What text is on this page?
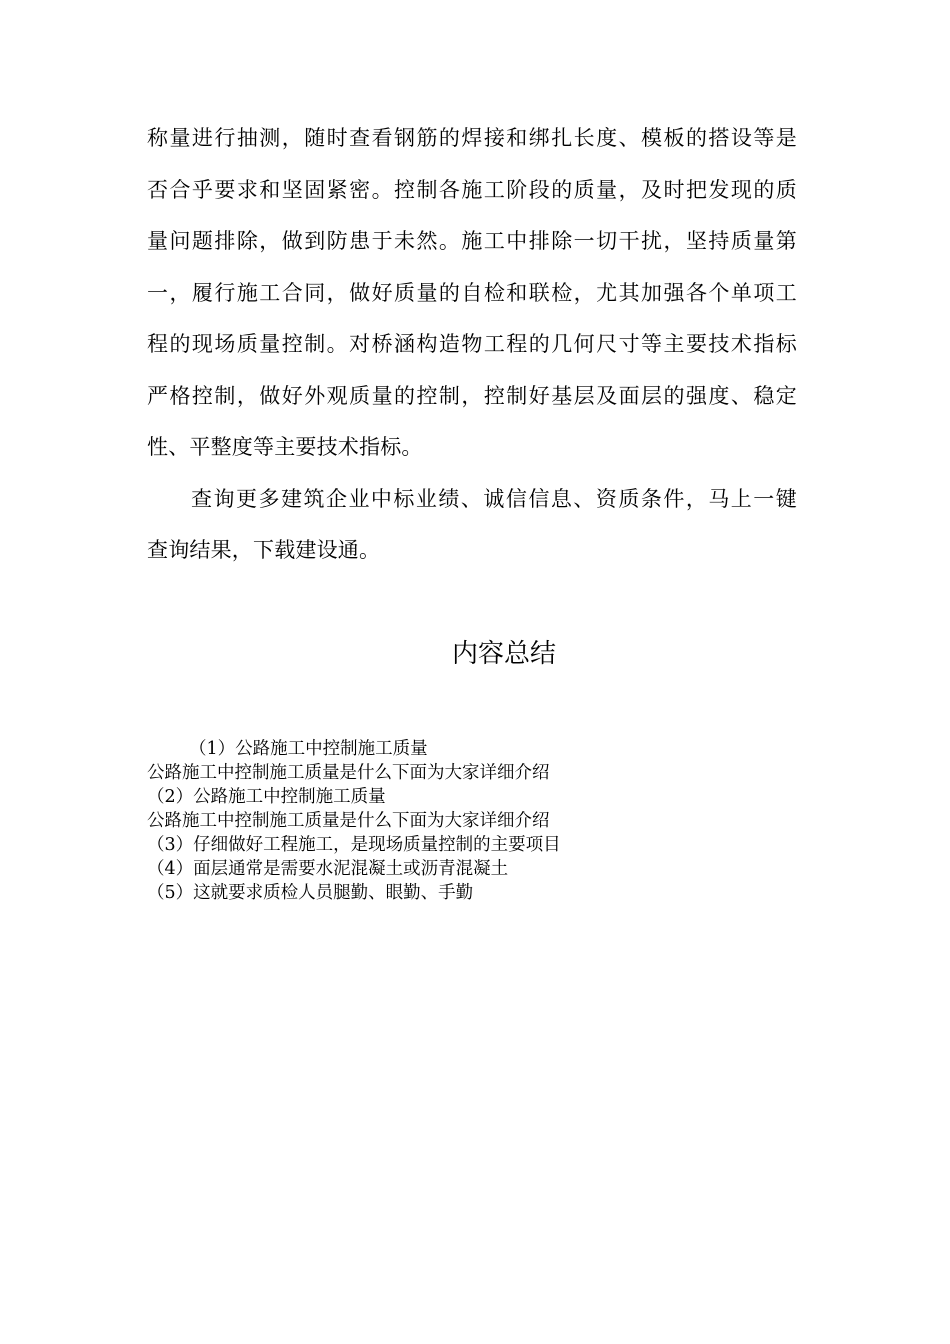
称量进行抽测，随时查看钢筋的焊接和绑扎长度、模板的搭设等是
否合乎要求和坚固紧密。控制各施工阶段的质量，及时把发现的质
量问题排除，做到防患于未然。施工中排除一切干扰，坚持质量第
一，履行施工合同，做好质量的自检和联检，尤其加强各个单项工
程的现场质量控制。对桥涵构造物工程的几何尺寸等主要技术指标
严格控制，做好外观质量的控制，控制好基层及面层的强度、稳定
性、平整度等主要技术指标。
查询更多建筑企业中标业绩、诚信信息、资质条件，马上一键
查询结果，下载建设通。
内容总结
（1）公路施工中控制施工质量
公路施工中控制施工质量是什么下面为大家详细介绍
（2）公路施工中控制施工质量
公路施工中控制施工质量是什么下面为大家详细介绍
（3）仔细做好工程施工，是现场质量控制的主要项目
（4）面层通常是需要水泥混凝土或沥青混凝土
（5）这就要求质检人员腿勤、眼勤、手勤
